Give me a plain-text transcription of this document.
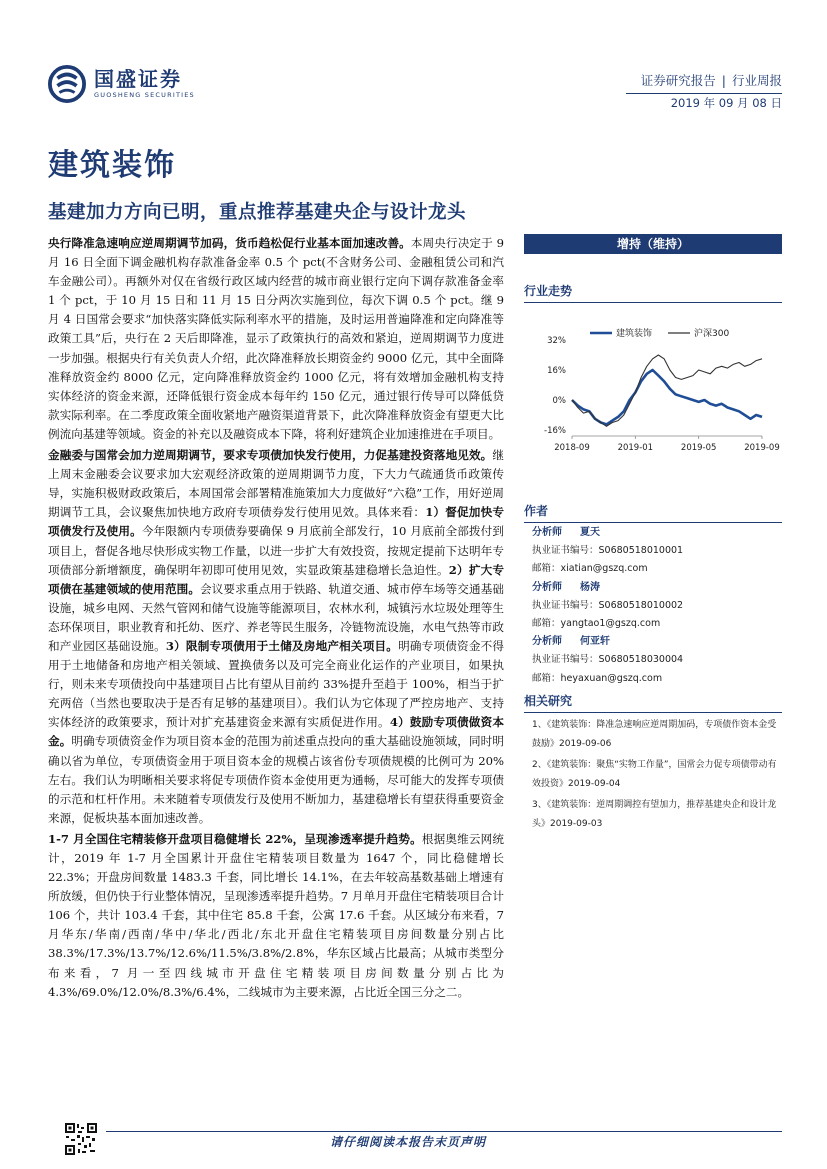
国盛证券
GUOSHENG SECURITIES
证券研究报告 | 行业周报
2019 年 09 月 08 日
建筑装饰
基建加力方向已明，重点推荐基建央企与设计龙头

央行降准急速响应逆周期调节加码，货币趋松促行业基本面加速改善。本周央行决定于 9 月 16 日全面下调金融机构存款准备金率 0.5 个 pct(不含财务公司、金融租赁公司和汽车金融公司）。再额外对仅在省级行政区域内经营的城市商业银行定向下调存款准备金率 1 个 pct，于 10 月 15 日和 11 月 15 日分两次实施到位，每次下调 0.5 个 pct。继 9 月 4 日国常会要求“加快落实降低实际利率水平的措施，及时运用普遍降准和定向降准等政策工具”后，央行在 2 天后即降准，显示了政策执行的高效和紧迫，逆周期调节力度进一步加强。根据央行有关负责人介绍，此次降准释放长期资金约 9000 亿元，其中全面降准释放资金约 8000 亿元，定向降准释放资金约 1000 亿元，将有效增加金融机构支持实体经济的资金来源，还降低银行资金成本每年约 150 亿元，通过银行传导可以降低贷款实际利率。在二季度政策全面收紧地产融资渠道背景下，此次降准释放资金有望更大比例流向基建等领域。资金的补充以及融资成本下降，将利好建筑企业加速推进在手项目。

金融委与国常会加力逆周期调节，要求专项债加快发行使用，力促基建投资落地见效。继上周末金融委会议要求加大宏观经济政策的逆周期调节力度，下大力气疏通货币政策传导，实施积极财政政策后，本周国常会部署精准施策加大力度做好“六稳”工作，用好逆周期调节工具，会议聚焦加快地方政府专项债券发行使用见效。具体来看：1）督促加快专项债发行及使用。今年限额内专项债券要确保 9 月底前全部发行，10 月底前全部拨付到项目上，督促各地尽快形成实物工作量，以进一步扩大有效投资，按规定提前下达明年专项债部分新增额度，确保明年初即可使用见效，实显政策基建稳增长急迫性。2）扩大专项债在基建领域的使用范围。会议要求重点用于铁路、轨道交通、城市停车场等交通基础设施，城乡电网、天然气管网和储气设施等能源项目，农林水利，城镇污水垃圾处理等生态环保项目，职业教育和托幼、医疗、养老等民生服务，冷链物流设施，水电气热等市政和产业园区基础设施。3）限制专项债用于土储及房地产相关项目。明确专项债资金不得用于土地储备和房地产相关领域、置换债务以及可完全商业化运作的产业项目，如果执行，则未来专项债投向中基建项目占比有望从目前约 33%提升至趋于 100%，相当于扩充两倍（当然也要取决于是否有足够的基建项目）。我们认为它体现了严控房地产、支持实体经济的政策要求，预计对扩充基建资金来源有实质促进作用。4）鼓励专项债做资本金。明确专项债资金作为项目资本金的范围为前述重点投向的重大基础设施领域，同时明确以省为单位，专项债资金用于项目资本金的规模占该省份专项债规模的比例可为 20%左右。我们认为明晰相关要求将促专项债作资本金使用更为通畅，尽可能大的发挥专项债的示范和杠杆作用。未来随着专项债发行及使用不断加力，基建稳增长有望获得重要资金来源，促板块基本面加速改善。

1-7 月全国住宅精装修开盘项目稳健增长 22%，呈现渗透率提升趋势。根据奥维云网统计，2019 年 1-7 月全国累计开盘住宅精装项目数量为 1647 个，同比稳健增长 22.3%；开盘房间数量 1483.3 千套，同比增长 14.1%，在去年较高基数基础上增速有所放缓，但仍快于行业整体情况，呈现渗透率提升趋势。7 月单月开盘住宅精装项目合计 106 个，共计 103.4 千套，其中住宅 85.8 千套，公寓 17.6 千套。从区域分布来看，7 月华东/华南/西南/华中/华北/西北/东北开盘住宅精装项目房间数量分别占比 38.3%/17.3%/13.7%/12.6%/11.5%/3.8%/2.8%，华东区域占比最高；从城市类型分布来看，7 月一至四线城市开盘住宅精装项目房间数量分别占比为 4.3%/69.0%/12.0%/8.3%/6.4%，二线城市为主要来源，占比近全国三分之二。

增持（维持）
行业走势
建筑装饰	沪深300
32%
16%
0%
-16%
2018-09	2019-01	2019-05	2019-09
作者
分析师 夏天
执业证书编号：S0680518010001
邮箱：xiatian@gszq.com
分析师 杨涛
执业证书编号：S0680518010002
邮箱：yangtao1@gszq.com
分析师 何亚轩
执业证书编号：S0680518030004
邮箱：heyaxuan@gszq.com
相关研究
1、《建筑装饰：降准急速响应逆周期加码，专项债作资本金受鼓励》2019-09-06
2、《建筑装饰：聚焦“实物工作量”，国常会力促专项债带动有效投资》2019-09-04
3、《建筑装饰：逆周期调控有望加力，推荐基建央企和设计龙头》2019-09-03
请仔细阅读本报告末页声明
